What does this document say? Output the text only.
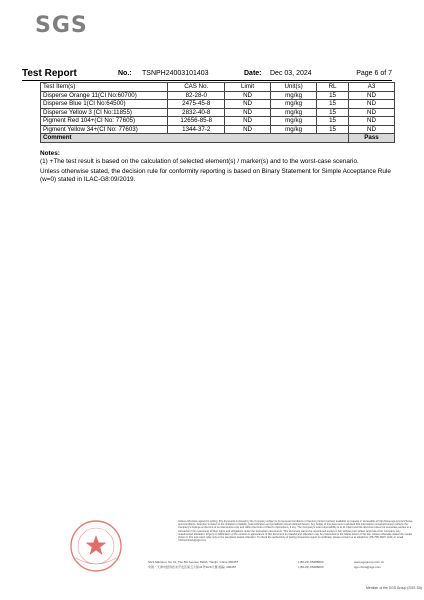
SGS
Test Report	No.: TSNPH24003101403	Date: Dec 03, 2024	Page 6 of 7
Test Item(s)	CAS No.	Limit	Unit(s)	RL	A3
Disperse Orange 11(CI No:60700)	82-28-0	ND	mg/kg	15	ND
Disperse Blue 1(CI No:64500)	2475-45-8	ND	mg/kg	15	ND
Disperse Yellow 3 (CI No:11855)	2832-40-8	ND	mg/kg	15	ND
Pigment Red 104+(CI No: 77605)	12656-85-8	ND	mg/kg	15	ND
Pigment Yellow 34+(CI No: 77603)	1344-37-2	ND	mg/kg	15	ND
Comment					Pass
Notes:

(1) +The test result is based on the calculation of selected element(s) / marker(s) and to the worst-case scenario.

Unless otherwise stated, the decision rule for conformity reporting is based on Binary Statement for Simple Acceptance Rule (w=0) stated in ILAC-G8:09/2019.

Unless otherwise agreed in writing, this document is issued by the Company subject to its General Conditions of Service printed overleaf, available on request or accessible at http://www.sgs.com/en/Terms-and-Conditions. Attention is drawn to the limitation of liability, indemnification and jurisdiction issues defined therein. Any holder of this document is advised that information contained hereon reflects the Company's findings at the time of its intervention only and within the limits of Client's instructions, if any. The Company's sole responsibility is to its Client and this document does not exonerate parties to a transaction from exercising all their rights and obligations under the transaction documents. This document cannot be reproduced except in full, without prior written approval of the Company. Any unauthorized alteration, forgery or falsification of the content or appearance of this document is unlawful and offenders may be prosecuted to the fullest extent of the law. Unless otherwise stated the results shown in this test report refer only to the sample(s) tested. Attention: To check the authenticity of testing /inspection report & certificate, please contact us at telephone: (86-755) 8307 1443, or email: CN.Doccheck@sgs.com
SGS Mansion, No.41, The 5th Avenue TEDA, Tianjin, China 300457
中国・天津市经济技术开发区第五大街41号SGS大厦 邮编: 300457
t (86-22) 65288000
t (86-22) 65288000
www.sgsgroup.com.cn
sgs.china@sgs.com
Member of the SGS Group (SGS SA)
